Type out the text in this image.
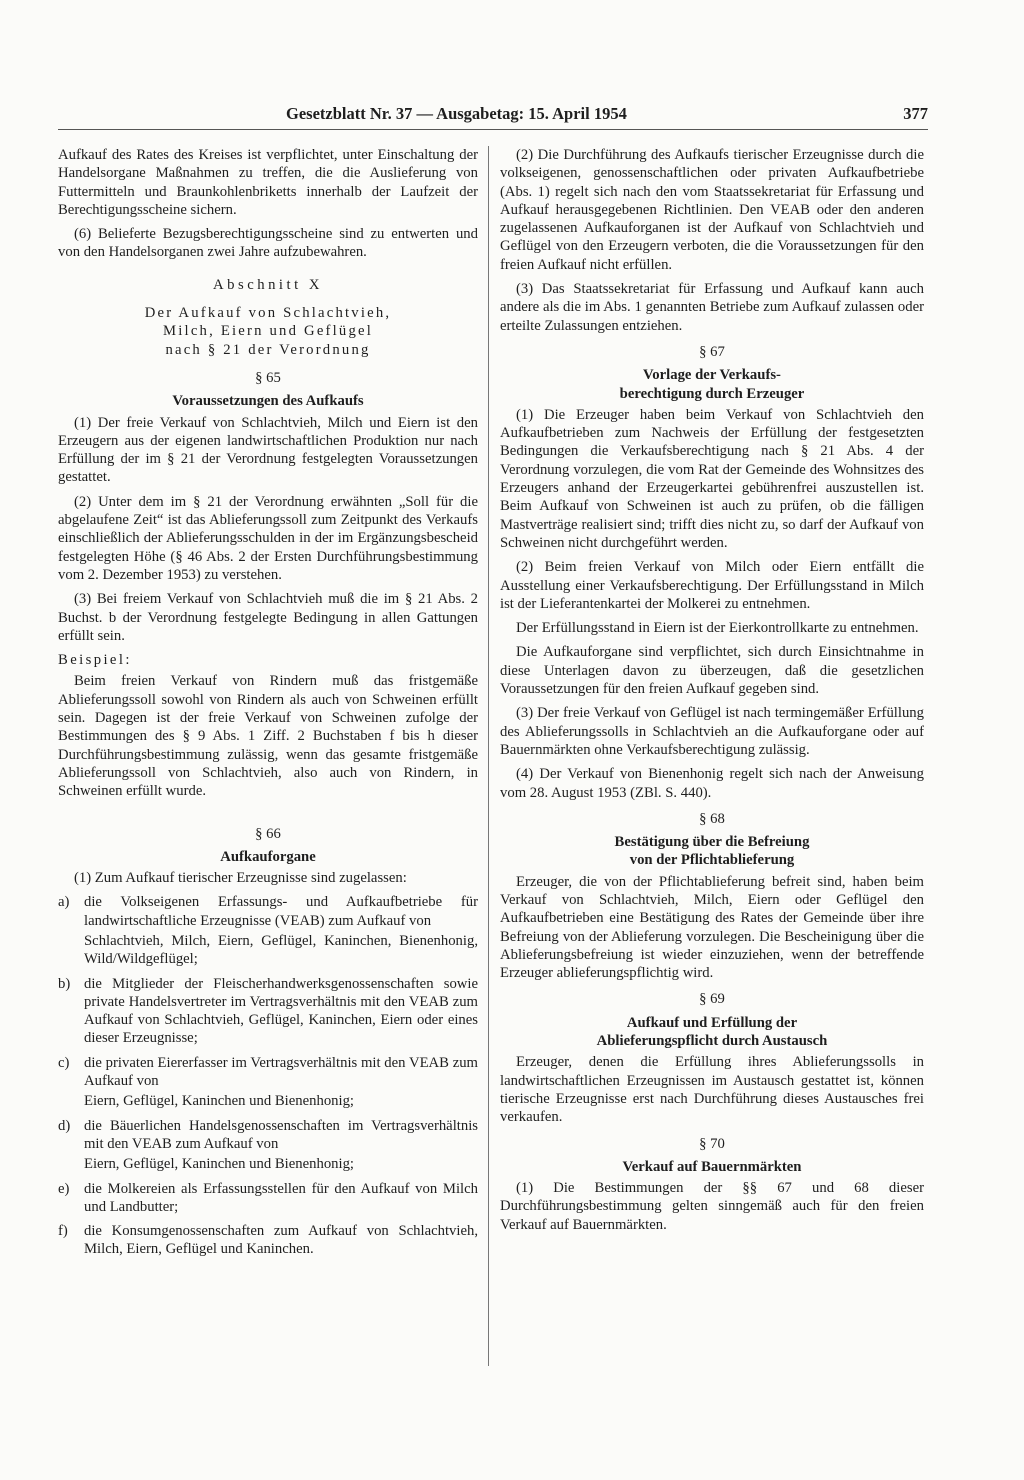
Gesetzblatt Nr. 37 — Ausgabetag: 15. April 1954	377

Aufkauf des Rates des Kreises ist verpflichtet, unter Einschaltung der Handelsorgane Maßnahmen zu treffen, die die Auslieferung von Futtermitteln und Braunkohlenbriketts innerhalb der Laufzeit der Berechtigungsscheine sichern.

(6) Belieferte Bezugsberechtigungsscheine sind zu entwerten und von den Handelsorganen zwei Jahre aufzubewahren.

Abschnitt X
Der Aufkauf von Schlachtvieh,
Milch, Eiern und Geflügel
nach § 21 der Verordnung
§ 65
Voraussetzungen des Aufkaufs

(1) Der freie Verkauf von Schlachtvieh, Milch und Eiern ist den Erzeugern aus der eigenen landwirtschaftlichen Produktion nur nach Erfüllung der im § 21 der Verordnung festgelegten Voraussetzungen gestattet.

(2) Unter dem im § 21 der Verordnung erwähnten „Soll für die abgelaufene Zeit“ ist das Ablieferungssoll zum Zeitpunkt des Verkaufs einschließlich der Ablieferungsschulden in der im Ergänzungsbescheid festgelegten Höhe (§ 46 Abs. 2 der Ersten Durchführungsbestimmung vom 2. Dezember 1953) zu verstehen.

(3) Bei freiem Verkauf von Schlachtvieh muß die im § 21 Abs. 2 Buchst. b der Verordnung festgelegte Bedingung in allen Gattungen erfüllt sein.

Beispiel:

Beim freien Verkauf von Rindern muß das fristgemäße Ablieferungssoll sowohl von Rindern als auch von Schweinen erfüllt sein. Dagegen ist der freie Verkauf von Schweinen zufolge der Bestimmungen des § 9 Abs. 1 Ziff. 2 Buchstaben f bis h dieser Durchführungsbestimmung zulässig, wenn das gesamte fristgemäße Ablieferungssoll von Schlachtvieh, also auch von Rindern, in Schweinen erfüllt wurde.

§ 66
Aufkauforgane

(1) Zum Aufkauf tierischer Erzeugnisse sind zugelassen:

a) die Volkseigenen Erfassungs- und Aufkaufbetriebe für landwirtschaftliche Erzeugnisse (VEAB) zum Aufkauf von
Schlachtvieh, Milch, Eiern, Geflügel, Kaninchen, Bienenhonig, Wild/Wildgeflügel;
b) die Mitglieder der Fleischerhandwerksgenossenschaften sowie private Handelsvertreter im Vertragsverhältnis mit den VEAB zum Aufkauf von Schlachtvieh, Geflügel, Kaninchen, Eiern oder eines dieser Erzeugnisse;
c) die privaten Eiererfasser im Vertragsverhältnis mit den VEAB zum Aufkauf von
Eiern, Geflügel, Kaninchen und Bienenhonig;
d) die Bäuerlichen Handelsgenossenschaften im Vertragsverhältnis mit den VEAB zum Aufkauf von
Eiern, Geflügel, Kaninchen und Bienenhonig;
e) die Molkereien als Erfassungsstellen für den Aufkauf von Milch und Landbutter;
f)	die Konsumgenossenschaften zum Aufkauf von Schlachtvieh, Milch, Eiern, Geflügel und Kaninchen.

(2) Die Durchführung des Aufkaufs tierischer Erzeugnisse durch die volkseigenen, genossenschaftlichen oder privaten Aufkaufbetriebe (Abs. 1) regelt sich nach den vom Staatssekretariat für Erfassung und Aufkauf herausgegebenen Richtlinien. Den VEAB oder den anderen zugelassenen Aufkauforganen ist der Aufkauf von Schlachtvieh und Geflügel von den Erzeugern verboten, die die Voraussetzungen für den freien Aufkauf nicht erfüllen.

(3) Das Staatssekretariat für Erfassung und Aufkauf kann auch andere als die im Abs. 1 genannten Betriebe zum Aufkauf zulassen oder erteilte Zulassungen entziehen.

§ 67
Vorlage der Verkaufs-
berechtigung durch Erzeuger

(1) Die Erzeuger haben beim Verkauf von Schlachtvieh den Aufkaufbetrieben zum Nachweis der Erfüllung der festgesetzten Bedingungen die Verkaufsberechtigung nach § 21 Abs. 4 der Verordnung vorzulegen, die vom Rat der Gemeinde des Wohnsitzes des Erzeugers anhand der Erzeugerkartei gebührenfrei auszustellen ist. Beim Aufkauf von Schweinen ist auch zu prüfen, ob die fälligen Mastverträge realisiert sind; trifft dies nicht zu, so darf der Aufkauf von Schweinen nicht durchgeführt werden.

(2) Beim freien Verkauf von Milch oder Eiern entfällt die Ausstellung einer Verkaufsberechtigung. Der Erfüllungsstand in Milch ist der Lieferantenkartei der Molkerei zu entnehmen.

Der Erfüllungsstand in Eiern ist der Eierkontrollkarte zu entnehmen.

Die Aufkauforgane sind verpflichtet, sich durch Einsichtnahme in diese Unterlagen davon zu überzeugen, daß die gesetzlichen Voraussetzungen für den freien Aufkauf gegeben sind.

(3) Der freie Verkauf von Geflügel ist nach termingemäßer Erfüllung des Ablieferungssolls in Schlachtvieh an die Aufkauforgane oder auf Bauernmärkten ohne Verkaufsberechtigung zulässig.

(4) Der Verkauf von Bienenhonig regelt sich nach der Anweisung vom 28. August 1953 (ZBl. S. 440).

§ 68
Bestätigung über die Befreiung
von der Pflichtablieferung

Erzeuger, die von der Pflichtablieferung befreit sind, haben beim Verkauf von Schlachtvieh, Milch, Eiern oder Geflügel den Aufkaufbetrieben eine Bestätigung des Rates der Gemeinde über ihre Befreiung von der Ablieferung vorzulegen. Die Bescheinigung über die Ablieferungsbefreiung ist wieder einzuziehen, wenn der betreffende Erzeuger ablieferungspflichtig wird.

§ 69
Aufkauf und Erfüllung der
Ablieferungspflicht durch Austausch

Erzeuger, denen die Erfüllung ihres Ablieferungssolls in landwirtschaftlichen Erzeugnissen im Austausch gestattet ist, können tierische Erzeugnisse erst nach Durchführung dieses Austausches frei verkaufen.

§ 70
Verkauf auf Bauernmärkten

(1) Die Bestimmungen der §§ 67 und 68 dieser Durchführungsbestimmung gelten sinngemäß auch für den freien Verkauf auf Bauernmärkten.
